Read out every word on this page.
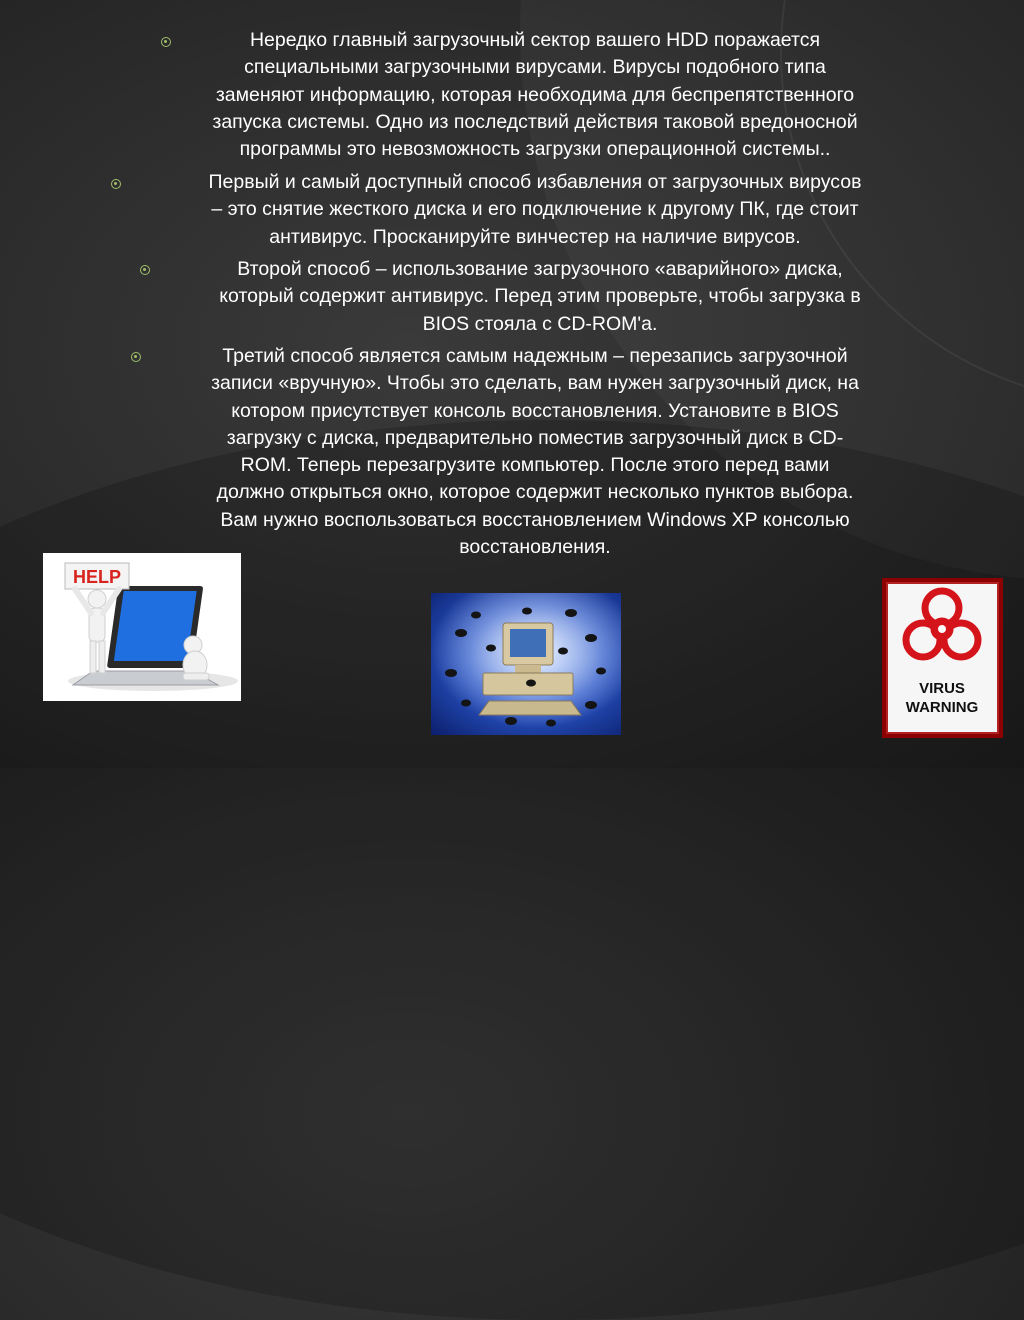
Нередко главный загрузочный сектор вашего HDD поражается
специальными загрузочными вирусами. Вирусы подобного типа
заменяют информацию, которая необходима для беспрепятственного
запуска системы. Одно из последствий действия таковой вредоносной
программы это невозможность загрузки операционной системы..

Первый и самый доступный способ избавления от загрузочных вирусов
– это снятие жесткого диска и его подключение к другому ПК, где стоит
антивирус. Просканируйте винчестер на наличие вирусов.

Второй способ – использование загрузочного «аварийного» диска,
который содержит антивирус. Перед этим проверьте, чтобы загрузка в
BIOS стояла с CD-ROM'а.

Третий способ является самым надежным – перезапись загрузочной
записи «вручную». Чтобы это сделать, вам нужен загрузочный диск, на
котором присутствует консоль восстановления. Установите в BIOS
загрузку с диска, предварительно поместив загрузочный диск в CD-
ROM. Теперь перезагрузите компьютер. После этого перед вами
должно открыться окно, которое содержит несколько пунктов выбора.
Вам нужно воспользоваться восстановлением Windows XP консолью
восстановления.

HELP
VIRUS
WARNING
